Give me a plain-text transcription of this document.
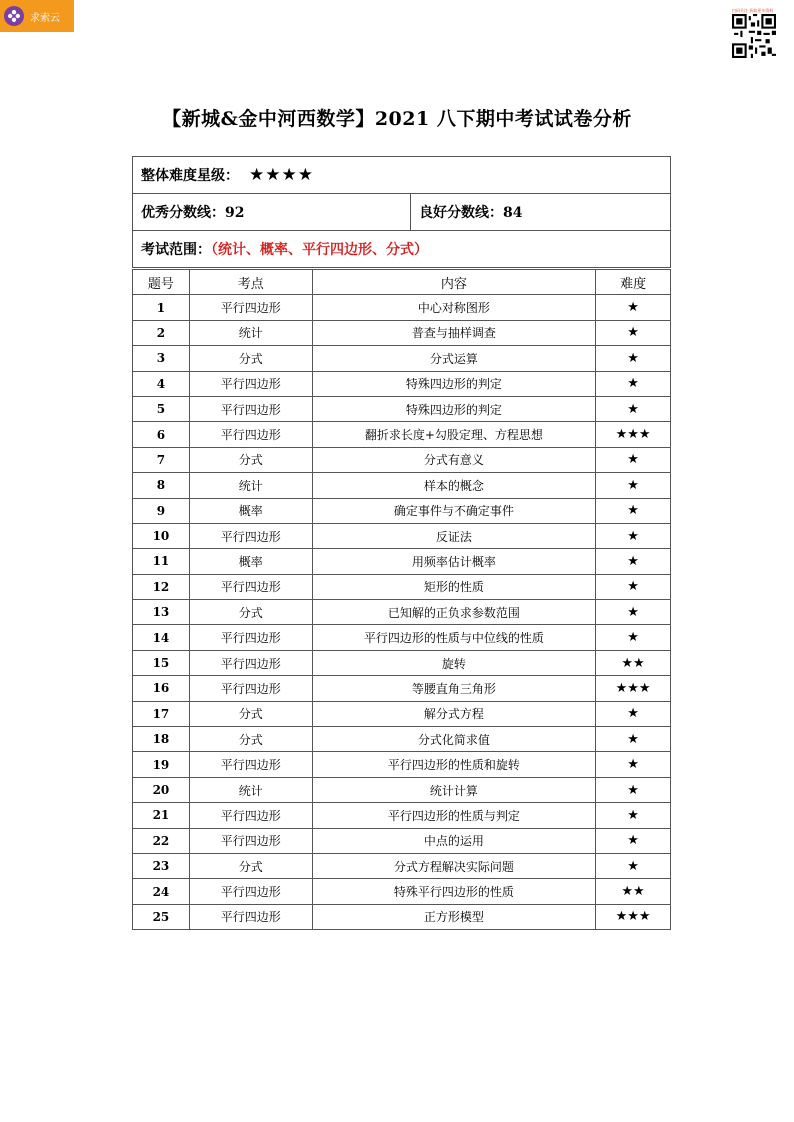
求索云
扫码关注 获取更多资料
【新城&金中河西数学】2021 八下期中考试试卷分析
整体难度星级： ★★★★
优秀分数线：92	良好分数线：84
考试范围：（统计、概率、平行四边形、分式）
题号	考点	内容	难度
1	平行四边形	中心对称图形	★
2	统计	普查与抽样调查	★
3	分式	分式运算	★
4	平行四边形	特殊四边形的判定	★
5	平行四边形	特殊四边形的判定	★
6	平行四边形	翻折求长度+勾股定理、方程思想	★★★
7	分式	分式有意义	★
8	统计	样本的概念	★
9	概率	确定事件与不确定事件	★
10	平行四边形	反证法	★
11	概率	用频率估计概率	★
12	平行四边形	矩形的性质	★
13	分式	已知解的正负求参数范围	★
14	平行四边形	平行四边形的性质与中位线的性质	★
15	平行四边形	旋转	★★
16	平行四边形	等腰直角三角形	★★★
17	分式	解分式方程	★
18	分式	分式化简求值	★
19	平行四边形	平行四边形的性质和旋转	★
20	统计	统计计算	★
21	平行四边形	平行四边形的性质与判定	★
22	平行四边形	中点的运用	★
23	分式	分式方程解决实际问题	★
24	平行四边形	特殊平行四边形的性质	★★
25	平行四边形	正方形模型	★★★
